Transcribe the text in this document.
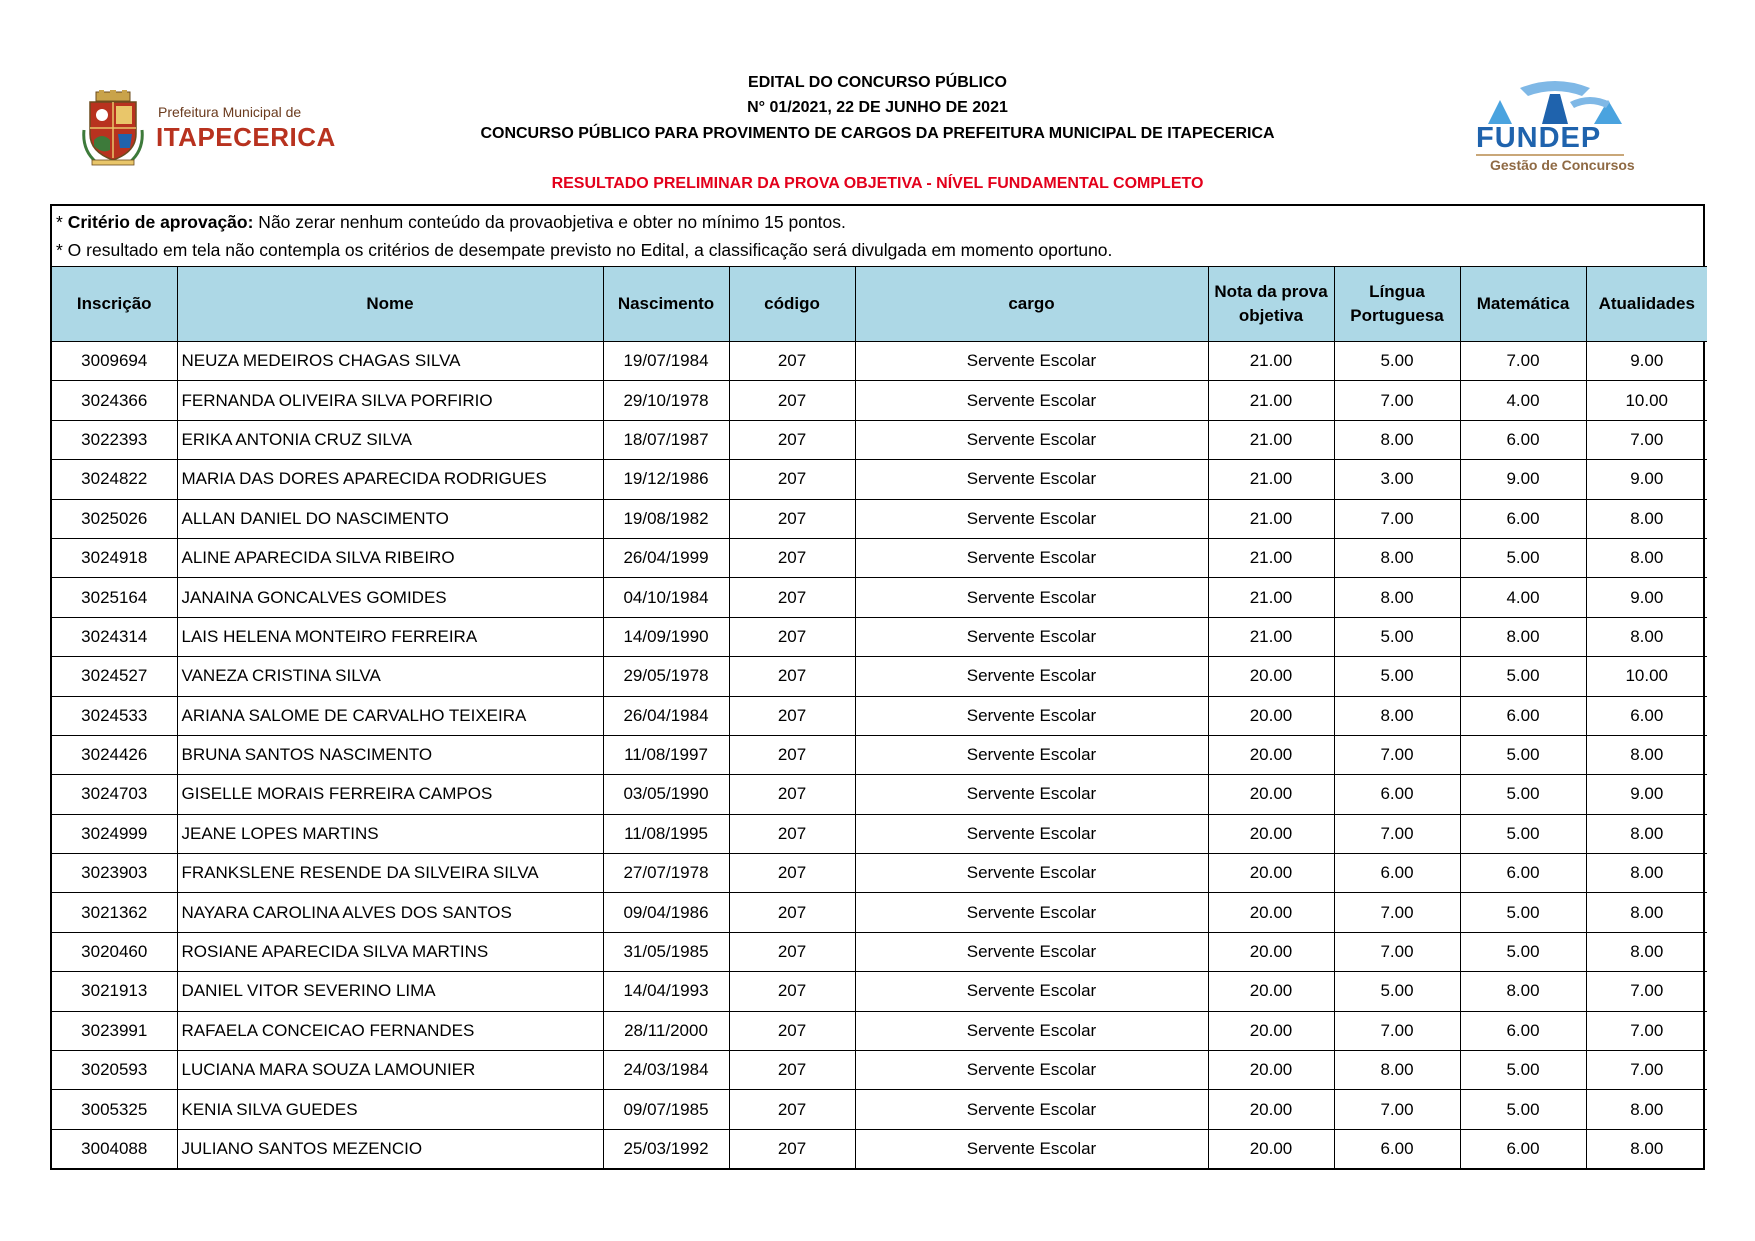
Prefeitura Municipal de
ITAPECERICA	FUNDEP
Gestão de Concursos
EDITAL DO CONCURSO PÚBLICO
N° 01/2021, 22 DE JUNHO DE 2021
CONCURSO PÚBLICO PARA PROVIMENTO DE CARGOS DA PREFEITURA MUNICIPAL DE ITAPECERICA
RESULTADO PRELIMINAR DA PROVA OBJETIVA - NÍVEL FUNDAMENTAL COMPLETO
* Critério de aprovação: Não zerar nenhum conteúdo da provaobjetiva e obter no mínimo 15 pontos.
* O resultado em tela não contempla os critérios de desempate previsto no Edital, a classificação será divulgada em momento oportuno.
Inscrição	Nome	Nascimento	código	cargo	Nota da prova objetiva	Língua Portuguesa	Matemática	Atualidades
3009694	NEUZA MEDEIROS CHAGAS SILVA	19/07/1984	207	Servente Escolar	21.00	5.00	7.00	9.00
3024366	FERNANDA OLIVEIRA SILVA PORFIRIO	29/10/1978	207	Servente Escolar	21.00	7.00	4.00	10.00
3022393	ERIKA ANTONIA CRUZ SILVA	18/07/1987	207	Servente Escolar	21.00	8.00	6.00	7.00
3024822	MARIA DAS DORES APARECIDA RODRIGUES	19/12/1986	207	Servente Escolar	21.00	3.00	9.00	9.00
3025026	ALLAN DANIEL DO NASCIMENTO	19/08/1982	207	Servente Escolar	21.00	7.00	6.00	8.00
3024918	ALINE APARECIDA SILVA RIBEIRO	26/04/1999	207	Servente Escolar	21.00	8.00	5.00	8.00
3025164	JANAINA GONCALVES GOMIDES	04/10/1984	207	Servente Escolar	21.00	8.00	4.00	9.00
3024314	LAIS HELENA MONTEIRO FERREIRA	14/09/1990	207	Servente Escolar	21.00	5.00	8.00	8.00
3024527	VANEZA CRISTINA SILVA	29/05/1978	207	Servente Escolar	20.00	5.00	5.00	10.00
3024533	ARIANA SALOME DE CARVALHO TEIXEIRA	26/04/1984	207	Servente Escolar	20.00	8.00	6.00	6.00
3024426	BRUNA SANTOS NASCIMENTO	11/08/1997	207	Servente Escolar	20.00	7.00	5.00	8.00
3024703	GISELLE MORAIS FERREIRA CAMPOS	03/05/1990	207	Servente Escolar	20.00	6.00	5.00	9.00
3024999	JEANE LOPES MARTINS	11/08/1995	207	Servente Escolar	20.00	7.00	5.00	8.00
3023903	FRANKSLENE RESENDE DA SILVEIRA SILVA	27/07/1978	207	Servente Escolar	20.00	6.00	6.00	8.00
3021362	NAYARA CAROLINA ALVES DOS SANTOS	09/04/1986	207	Servente Escolar	20.00	7.00	5.00	8.00
3020460	ROSIANE APARECIDA SILVA MARTINS	31/05/1985	207	Servente Escolar	20.00	7.00	5.00	8.00
3021913	DANIEL VITOR SEVERINO LIMA	14/04/1993	207	Servente Escolar	20.00	5.00	8.00	7.00
3023991	RAFAELA CONCEICAO FERNANDES	28/11/2000	207	Servente Escolar	20.00	7.00	6.00	7.00
3020593	LUCIANA MARA SOUZA LAMOUNIER	24/03/1984	207	Servente Escolar	20.00	8.00	5.00	7.00
3005325	KENIA SILVA GUEDES	09/07/1985	207	Servente Escolar	20.00	7.00	5.00	8.00
3004088	JULIANO SANTOS MEZENCIO	25/03/1992	207	Servente Escolar	20.00	6.00	6.00	8.00
